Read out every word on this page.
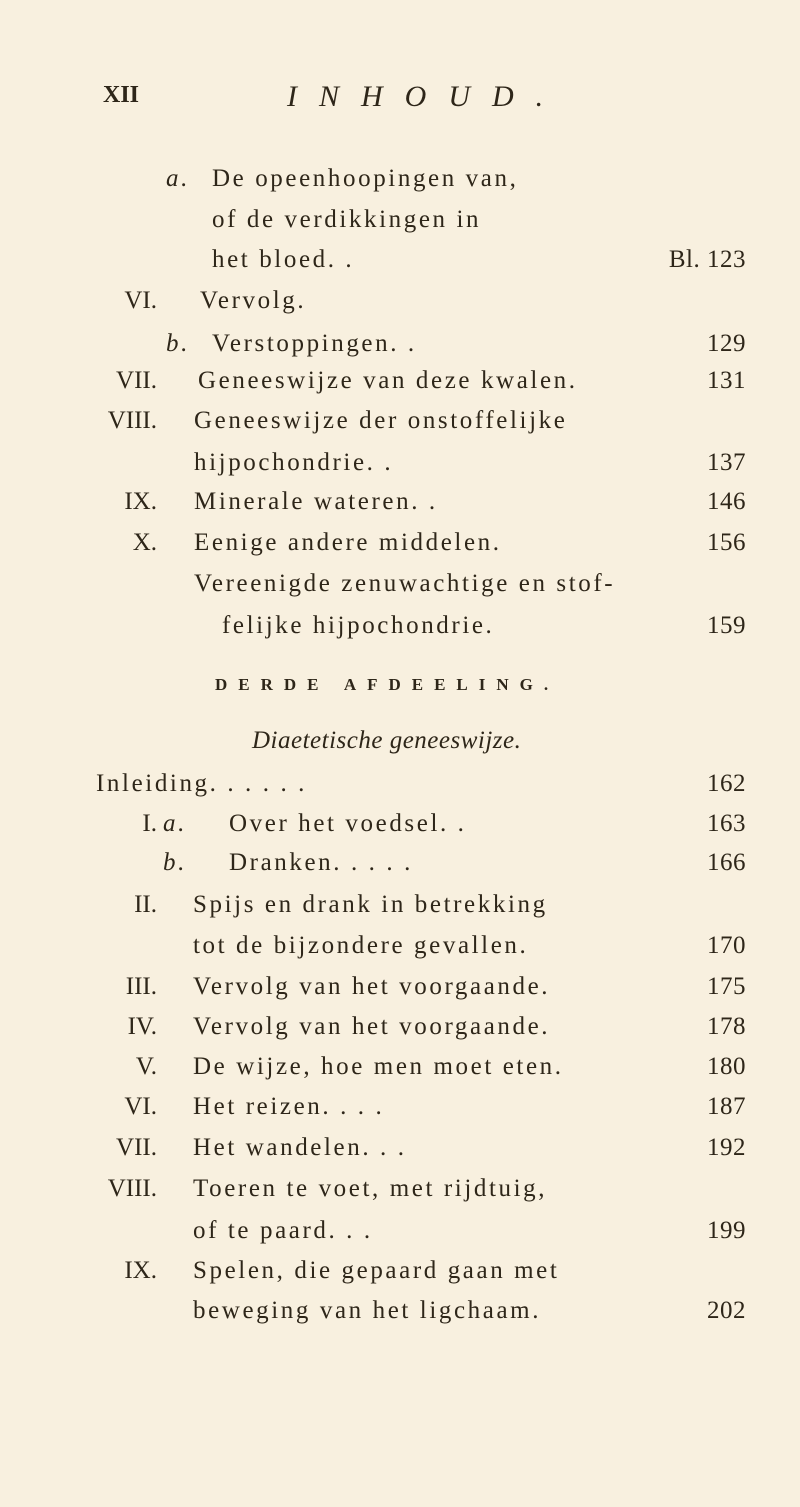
XII	INHOUD.
a. De opeenhoopingen van,
of de verdikkingen in
het bloed. .	Bl. 123
VI. Vervolg.
b. Verstoppingen. .	129
VII. Geneeswijze van deze kwalen.	131
VIII. Geneeswijze der onstoffelijke
hijpochondrie. .	137
IX. Minerale wateren. .	146
X. Eenige andere middelen.	156
Vereenigde zenuwachtige en stof-
felijke hijpochondrie.	159
Inleiding. . . . . .	162
I. a. Over het voedsel. .	163
b. Dranken. . . . .	166
II. Spijs en drank in betrekking
tot de bijzondere gevallen.	170
III. Vervolg van het voorgaande.	175
IV. Vervolg van het voorgaande.	178
V. De wijze, hoe men moet eten.	180
VI. Het reizen. . . .	187
VII. Het wandelen. . .	192
VIII. Toeren te voet, met rijdtuig,
of te paard. . .	199
IX. Spelen, die gepaard gaan met
beweging van het ligchaam.	202
DERDE AFDEELING.
Diaetetische geneeswijze.
